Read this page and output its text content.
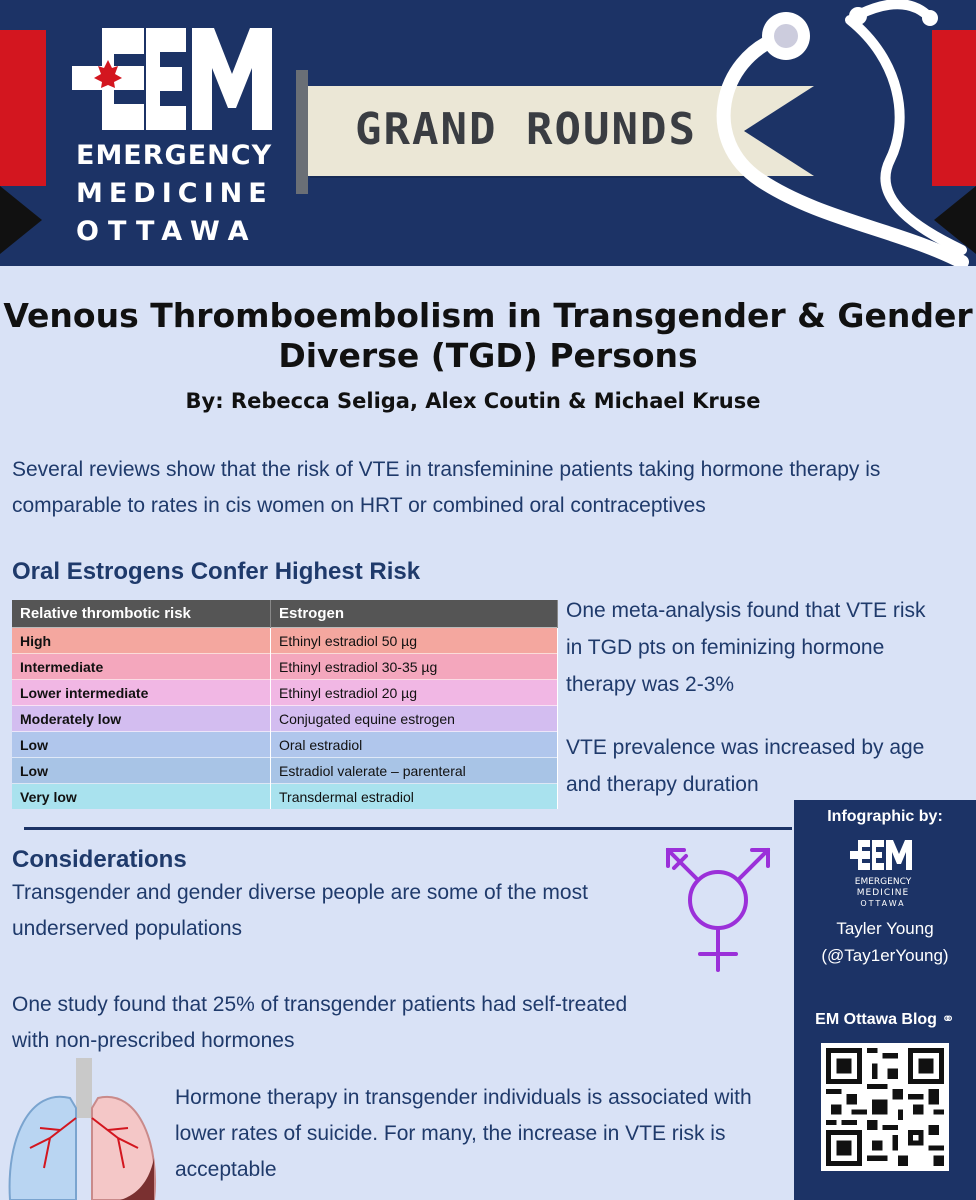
EMERGENCY
MEDICINE
OTTAWA
GRAND ROUNDS
Venous Thromboembolism in Transgender & Gender Diverse (TGD) Persons
By: Rebecca Seliga, Alex Coutin & Michael Kruse
Several reviews show that the risk of VTE in transfeminine patients taking hormone therapy is comparable to rates in cis women on HRT or combined oral contraceptives
Oral Estrogens Confer Highest Risk
Relative thrombotic risk	Estrogen
High	Ethinyl estradiol 50 µg
Intermediate	Ethinyl estradiol 30-35 µg
Lower intermediate	Ethinyl estradiol 20 µg
Moderately low	Conjugated equine estrogen
Low	Oral estradiol
Low	Estradiol valerate – parenteral
Very low	Transdermal estradiol
One meta-analysis found that VTE risk in TGD pts on feminizing hormone therapy was 2-3%
VTE prevalence was increased by age and therapy duration
Considerations
Transgender and gender diverse people are some of the most underserved populations
One study found that 25% of transgender patients had self-treated with non-prescribed hormones
Hormone therapy in transgender individuals is associated with lower rates of suicide. For many, the increase in VTE risk is acceptable
Infographic by:
EMERGENCY
MEDICINE
OTTAWA
Tayler Young
(@Tay1erYoung)
EM Ottawa Blog ⚭
